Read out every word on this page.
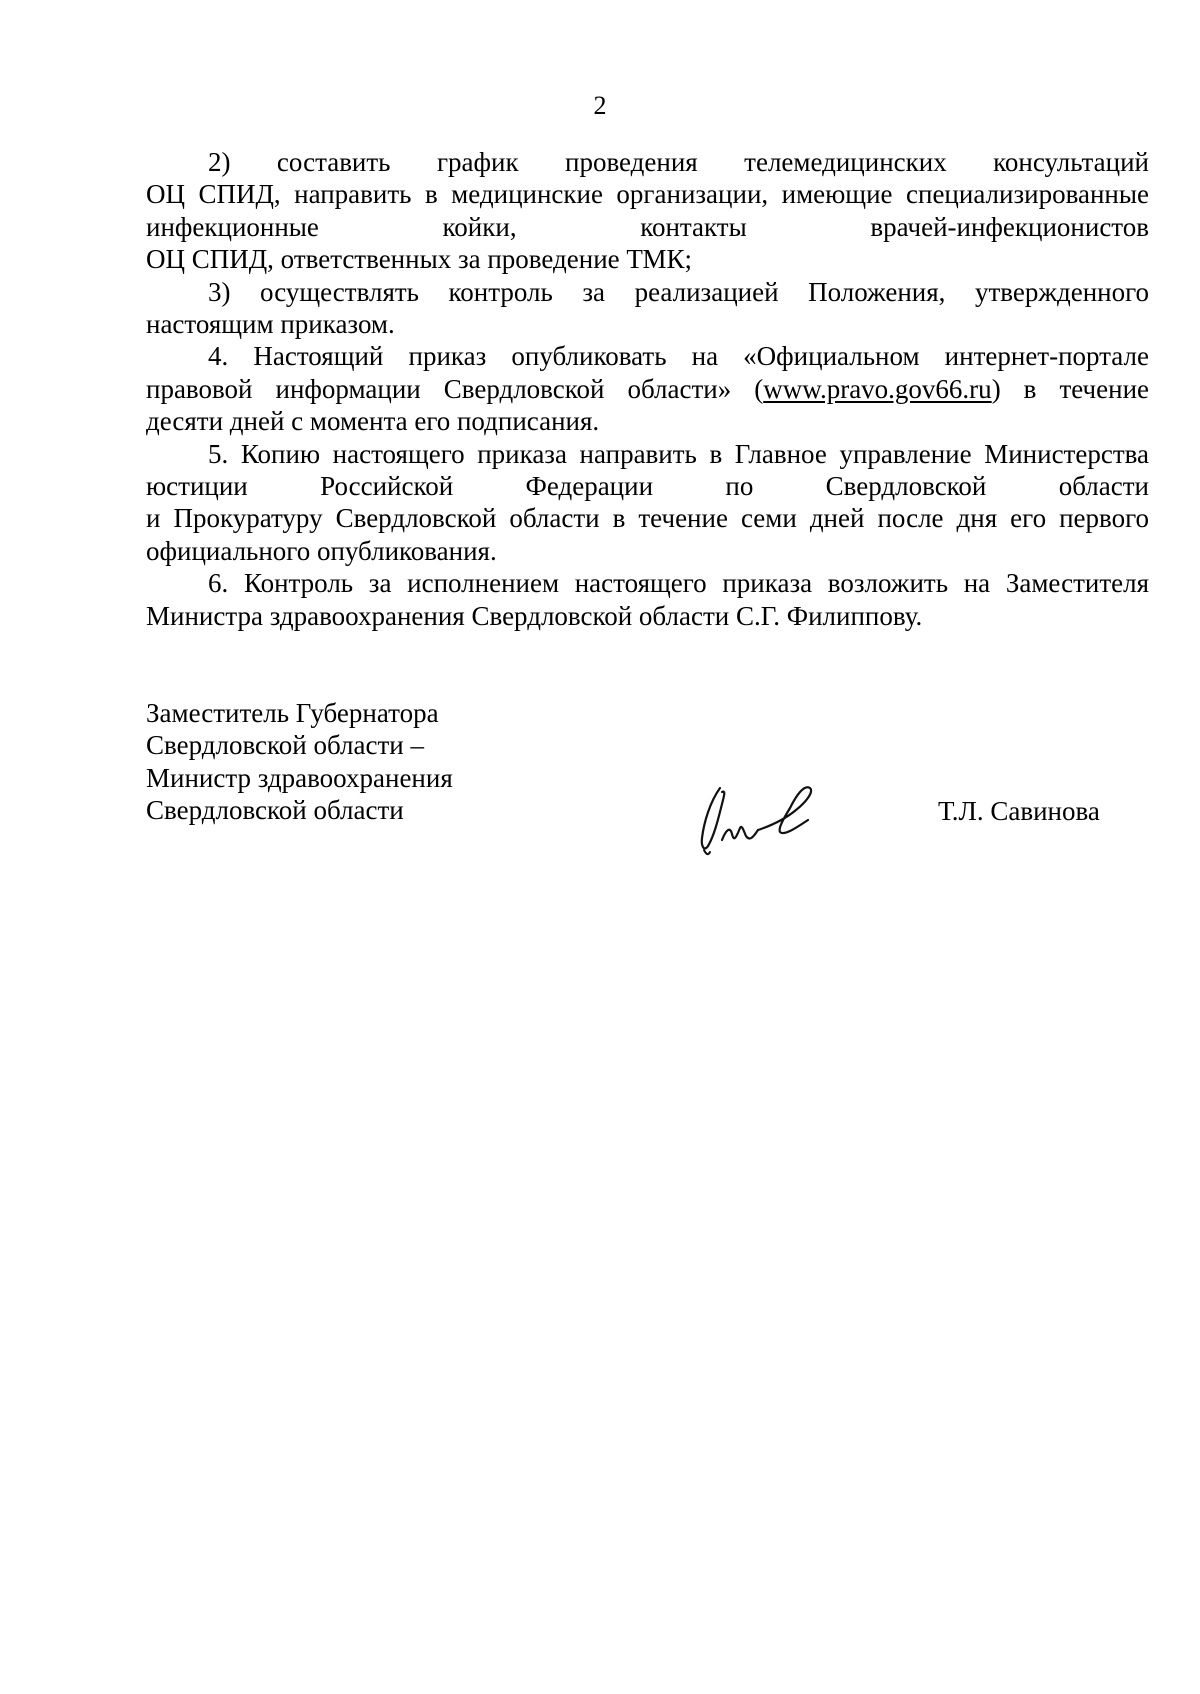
2
2) составить график проведения телемедицинских консультаций
ОЦ СПИД, направить в медицинские организации, имеющие специализированные
инфекционные койки, контакты врачей-инфекционистов
ОЦ СПИД, ответственных за проведение ТМК;
3) осуществлять контроль за реализацией Положения, утвержденного
настоящим приказом.
4. Настоящий приказ опубликовать на «Официальном интернет-портале
правовой информации Свердловской области» (www.pravo.gov66.ru) в течение
десяти дней с момента его подписания.
5. Копию настоящего приказа направить в Главное управление Министерства
юстиции Российской Федерации по Свердловской области
и Прокуратуру Свердловской области в течение семи дней после дня его первого
официального опубликования.
6. Контроль за исполнением настоящего приказа возложить на Заместителя
Министра здравоохранения Свердловской области С.Г. Филиппову.
Заместитель Губернатора
Свердловской области –
Министр здравоохранения
Свердловской области	Т.Л. Савинова
